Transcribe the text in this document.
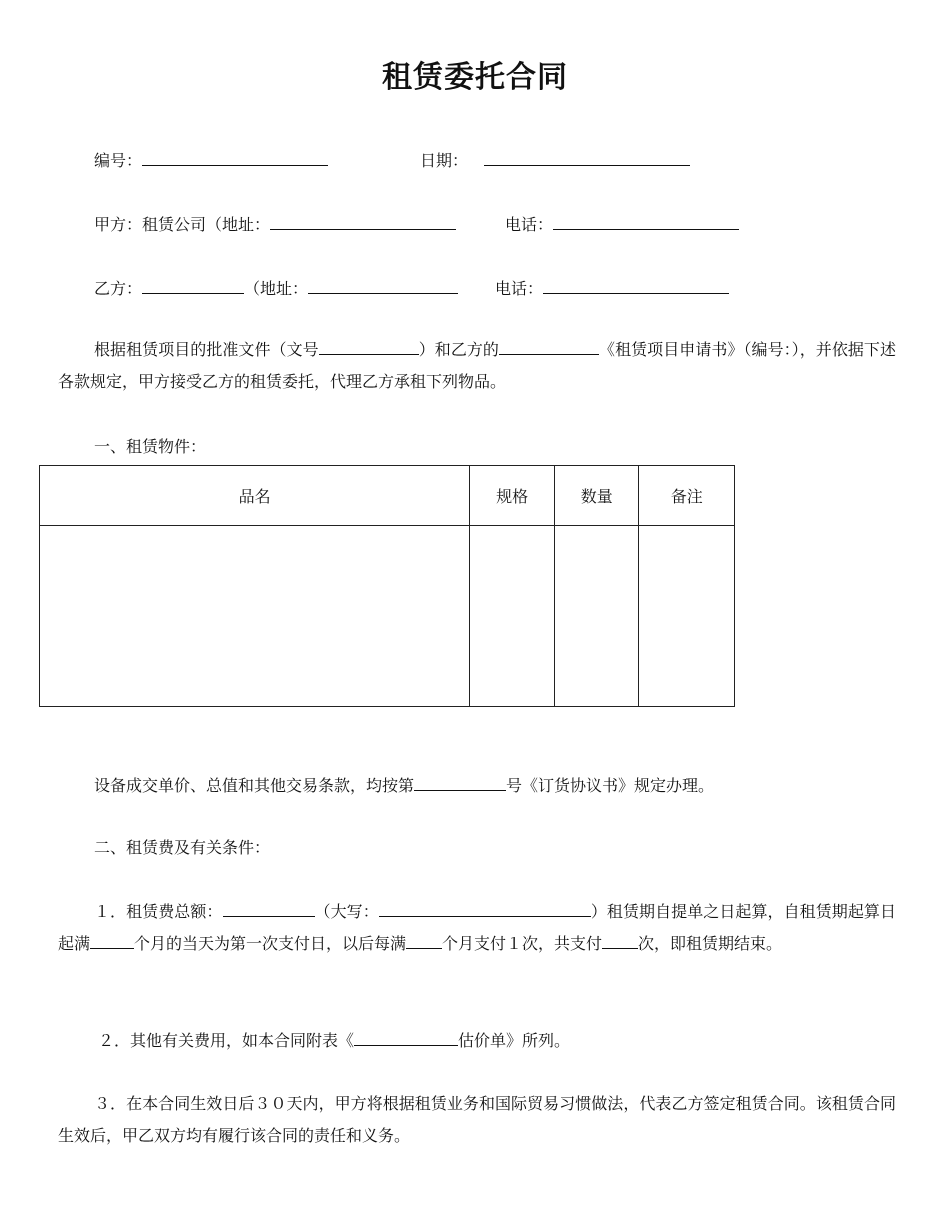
租赁委托合同
编号：	日期：
甲方：租赁公司（地址：	电话：
乙方：	（地址：	电话：
根据租赁项目的批准文件（文号	）和乙方的	《租赁项目申请书》（编号：），并依据下述各款规定，甲方接受乙方的租赁委托，代理乙方承租下列物品。
一、租赁物件：
品名	规格	数量	备注

设备成交单价、总值和其他交易条款，均按第	号《订货协议书》规定办理。
二、租赁费及有关条件：
１．租赁费总额：	（大写：	）租赁期自提单之日起算，自租赁期起算日起满	个月的当天为第一次支付日，以后每满 个月支付１次，共支付 次，即租赁期结束。
２．其他有关费用，如本合同附表《	估价单》所列。
３．在本合同生效日后３０天内，甲方将根据租赁业务和国际贸易习惯做法，代表乙方签定租赁合同。该租赁合同生效后，甲乙双方均有履行该合同的责任和义务。
